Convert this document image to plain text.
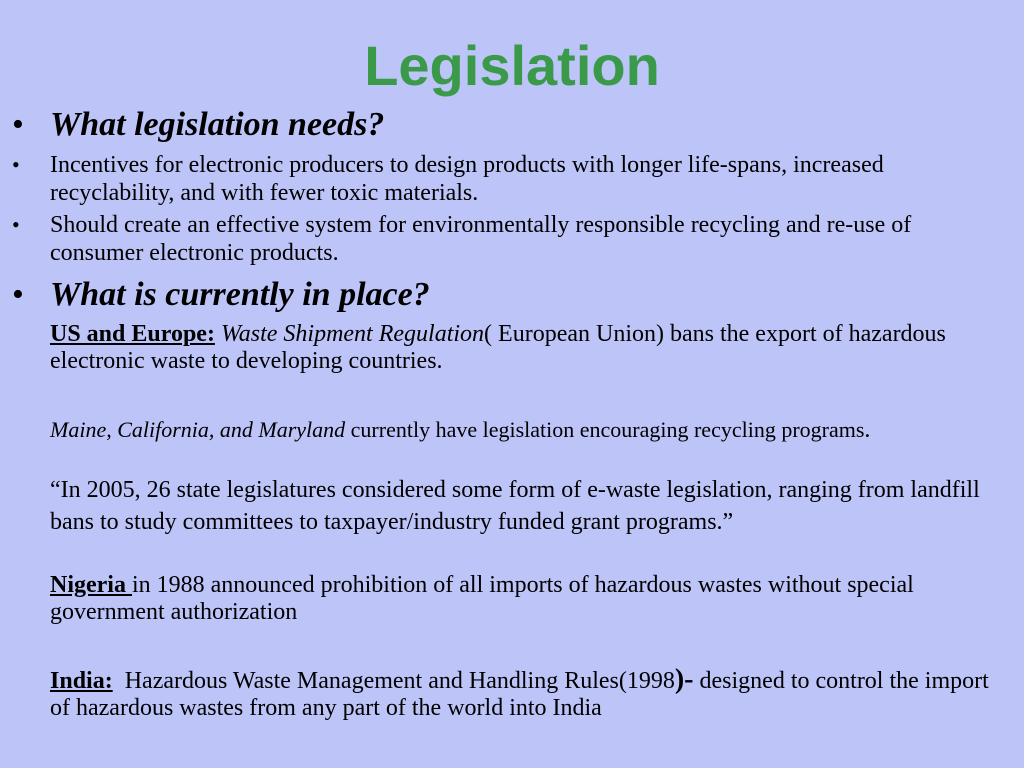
Legislation
• What legislation needs?
•	Incentives for electronic producers to design products with longer life-spans, increased recyclability, and with fewer toxic materials.
•	Should create an effective system for environmentally responsible recycling and re-use of consumer electronic products.
• What is currently in place?
US and Europe: Waste Shipment Regulation( European Union) bans the export of hazardous electronic waste to developing countries.
Maine, California, and Maryland currently have legislation encouraging recycling programs.
“In 2005, 26 state legislatures considered some form of e-waste legislation, ranging from landfill bans to study committees to taxpayer/industry funded grant programs.”
Nigeria in 1988 announced prohibition of all imports of hazardous wastes without special government authorization
India:  Hazardous Waste Management and Handling Rules(1998)- designed to control the import of hazardous wastes from any part of the world into India
